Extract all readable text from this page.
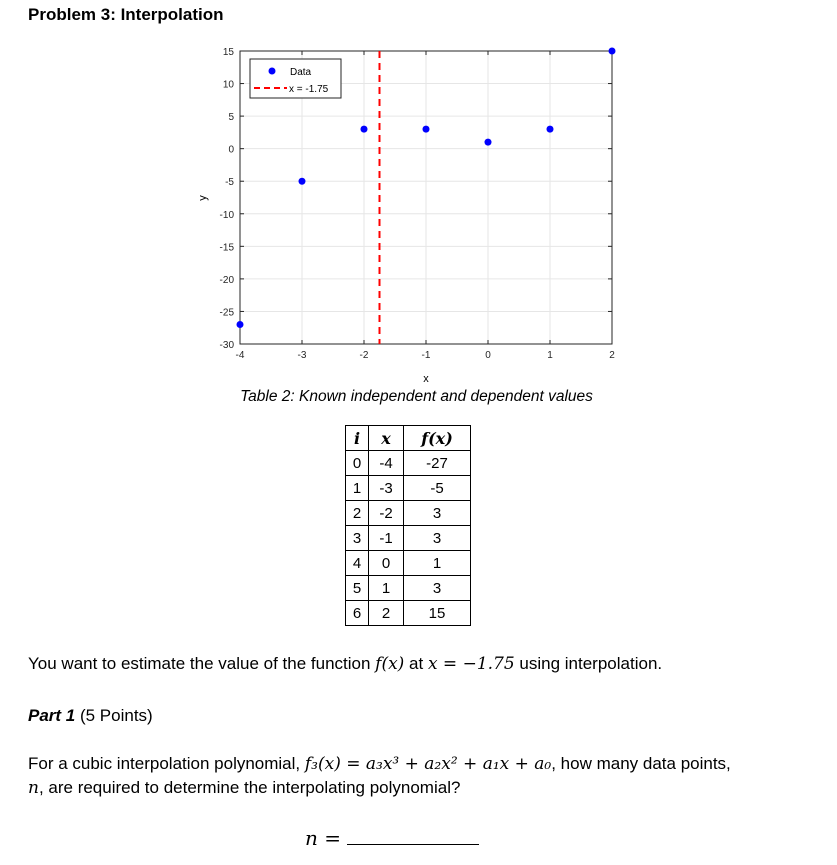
Problem 3: Interpolation
-4	-3	-2	-1	0	1	2
15
10
5
0
-5
-10
-15
-20
-25
-30
Data
x = -1.75
x
y
Table 2: Known independent and dependent values
i	x	f(x)
0	-4	-27
1	-3	-5
2	-2	3
3	-1	3
4	0	1
5	1	3
6	2	15
You want to estimate the value of the function f(x) at x = −1.75 using interpolation.
Part 1 (5 Points)
For a cubic interpolation polynomial, f₃(x) = a₃x³ + a₂x² + a₁x + a₀, how many data points,
n, are required to determine the interpolating polynomial?
n =
